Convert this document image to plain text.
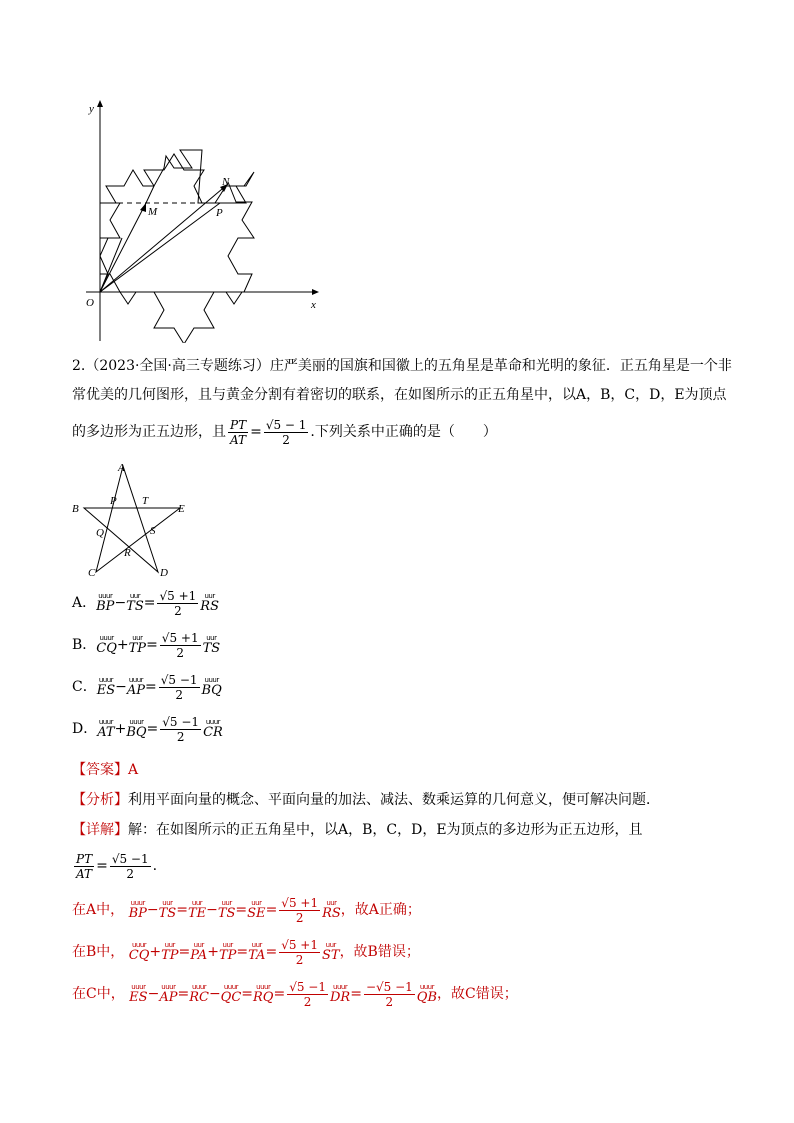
y
x
O
M
N
P
2.（2023·全国·高三专题练习）庄严美丽的国旗和国徽上的五角星是革命和光明的象征．正五角星是一个非
常优美的几何图形，且与黄金分割有着密切的联系，在如图所示的正五角星中，以A，B，C，D，E为顶点
的多边形为正五边形，且 $\frac{PT}{AT} = \frac{√5 - 1}{2}$ .下列关系中正确的是（　　）
A
B	E
C	D
P T
Q	S
R
A． uuur
BP − uur
TS = $\frac{√5 +1}{2}$ uur
RS
B． uuur
CQ + uur
TP = $\frac{√5 +1}{2}$ uur
TS
C． uuur
ES − uuur
AP = $\frac{√5 -1}{2}$ uuur
BQ
D． uuur
AT + uuur
BQ = $\frac{√5 -1}{2}$ uuur
CR
【答案】A
【分析】利用平面向量的概念、平面向量的加法、减法、数乘运算的几何意义，便可解决问题．
【详解】解：在如图所示的正五角星中，以A，B，C，D，E为顶点的多边形为正五边形，且
$\frac{PT}{AT} = \frac{√5 -1}{2}$ .
在A中， uuur
BP − uur
TS = uur
TE − uur
TS = uur
SE = $\frac{√5 +1}{2}$ uur
RS ，故A正确；
在B中， uuur
CQ + uur
TP = uur
PA + uur
TP = uur
TA = $\frac{√5 +1}{2}$ uur
ST ，故B错误；
在C中， uuur
ES − uuur
AP = uuur
RC − uuur
QC = uuur
RQ = $\frac{√5 -1}{2}$ uuur
DR = $\frac{-√5 -1}{2}$ uuur
QB ，故C错误；
